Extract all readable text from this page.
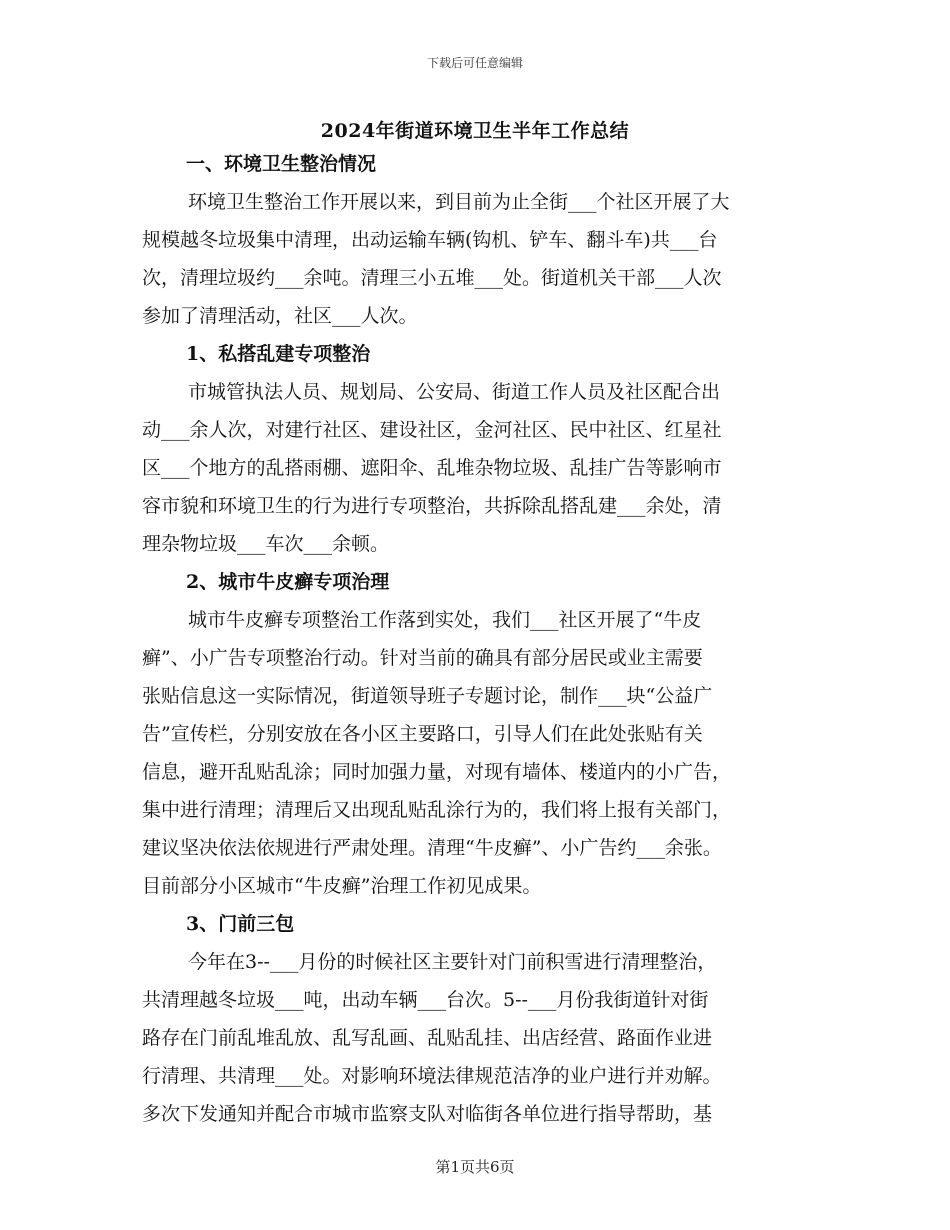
下载后可任意编辑
2024年街道环境卫生半年工作总结
一、环境卫生整治情况

环境卫生整治工作开展以来，到目前为止全街___个社区开展了大
规模越冬垃圾集中清理，出动运输车辆(钩机、铲车、翻斗车)共___台
次，清理垃圾约___余吨。清理三小五堆___处。街道机关干部___人次
参加了清理活动，社区___人次。

1、私搭乱建专项整治

市城管执法人员、规划局、公安局、街道工作人员及社区配合出
动___余人次，对建行社区、建设社区，金河社区、民中社区、红星社
区___个地方的乱搭雨棚、遮阳伞、乱堆杂物垃圾、乱挂广告等影响市
容市貌和环境卫生的行为进行专项整治，共拆除乱搭乱建___余处，清
理杂物垃圾___车次___余顿。

2、城市牛皮癣专项治理

城市牛皮癣专项整治工作落到实处，我们___社区开展了“牛皮
癣”、小广告专项整治行动。针对当前的确具有部分居民或业主需要
张贴信息这一实际情况，街道领导班子专题讨论，制作___块“公益广
告”宣传栏，分别安放在各小区主要路口，引导人们在此处张贴有关
信息，避开乱贴乱涂；同时加强力量，对现有墙体、楼道内的小广告，
集中进行清理；清理后又出现乱贴乱涂行为的，我们将上报有关部门，
建议坚决依法依规进行严肃处理。清理“牛皮癣”、小广告约___余张。
目前部分小区城市“牛皮癣”治理工作初见成果。

3、门前三包

今年在3--___月份的时候社区主要针对门前积雪进行清理整治，
共清理越冬垃圾___吨，出动车辆___台次。5--___月份我街道针对街
路存在门前乱堆乱放、乱写乱画、乱贴乱挂、出店经营、路面作业进
行清理、共清理___处。对影响环境法律规范洁净的业户进行并劝解。
多次下发通知并配合市城市监察支队对临街各单位进行指导帮助，基

第1页共6页
